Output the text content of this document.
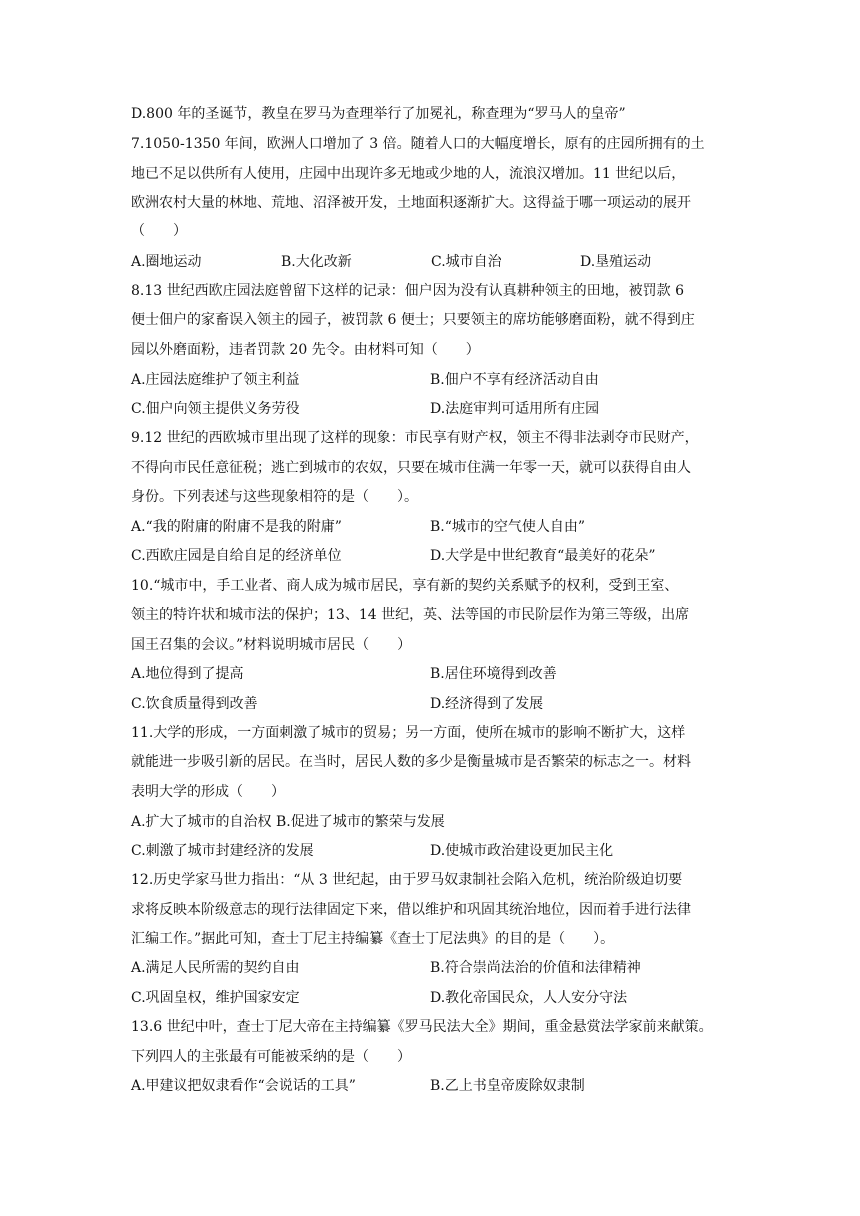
D.800 年的圣诞节，教皇在罗马为查理举行了加冕礼，称查理为“罗马人的皇帝”
7.1050-1350 年间，欧洲人口增加了 3 倍。随着人口的大幅度增长，原有的庄园所拥有的土
地已不足以供所有人使用，庄园中出现许多无地或少地的人，流浪汉增加。11 世纪以后，
欧洲农村大量的林地、荒地、沼泽被开发，土地面积逐渐扩大。这得益于哪一项运动的展开
（　　）
A.圈地运动	B.大化改新	C.城市自治	D.垦殖运动
8.13 世纪西欧庄园法庭曾留下这样的记录：佃户因为没有认真耕种领主的田地，被罚款 6
便士佃户的家畜误入领主的园子，被罚款 6 便士；只要领主的席坊能够磨面粉，就不得到庄
园以外磨面粉，违者罚款 20 先令。由材料可知（　　）
A.庄园法庭维护了领主利益	B.佃户不享有经济活动自由
C.佃户向领主提供义务劳役	D.法庭审判可适用所有庄园
9.12 世纪的西欧城市里出现了这样的现象：市民享有财产权，领主不得非法剥夺市民财产，
不得向市民任意征税；逃亡到城市的农奴，只要在城市住满一年零一天，就可以获得自由人
身份。下列表述与这些现象相符的是（　　）。
A.“我的附庸的附庸不是我的附庸”	B.“城市的空气使人自由”
C.西欧庄园是自给自足的经济单位	D.大学是中世纪教育“最美好的花朵”
10.“城市中，手工业者、商人成为城市居民，享有新的契约关系赋予的权利，受到王室、
领主的特许状和城市法的保护；13、14 世纪，英、法等国的市民阶层作为第三等级，出席
国王召集的会议。”材料说明城市居民（　　）
A.地位得到了提高	B.居住环境得到改善
C.饮食质量得到改善	D.经济得到了发展
11.大学的形成，一方面刺激了城市的贸易；另一方面，使所在城市的影响不断扩大，这样
就能进一步吸引新的居民。在当时，居民人数的多少是衡量城市是否繁荣的标志之一。材料
表明大学的形成（　　）
A.扩大了城市的自治权 B.促进了城市的繁荣与发展
C.刺激了城市封建经济的发展	D.使城市政治建设更加民主化
12.历史学家马世力指出：“从 3 世纪起，由于罗马奴隶制社会陷入危机，统治阶级迫切要
求将反映本阶级意志的现行法律固定下来，借以维护和巩固其统治地位，因而着手进行法律
汇编工作。”据此可知，查士丁尼主持编纂《查士丁尼法典》的目的是（　　）。
A.满足人民所需的契约自由	B.符合崇尚法治的价值和法律精神
C.巩固皇权，维护国家安定	D.教化帝国民众，人人安分守法
13.6 世纪中叶，查士丁尼大帝在主持编纂《罗马民法大全》期间，重金悬赏法学家前来献策。
下列四人的主张最有可能被采纳的是（　　）
A.甲建议把奴隶看作“会说话的工具”	B.乙上书皇帝废除奴隶制
